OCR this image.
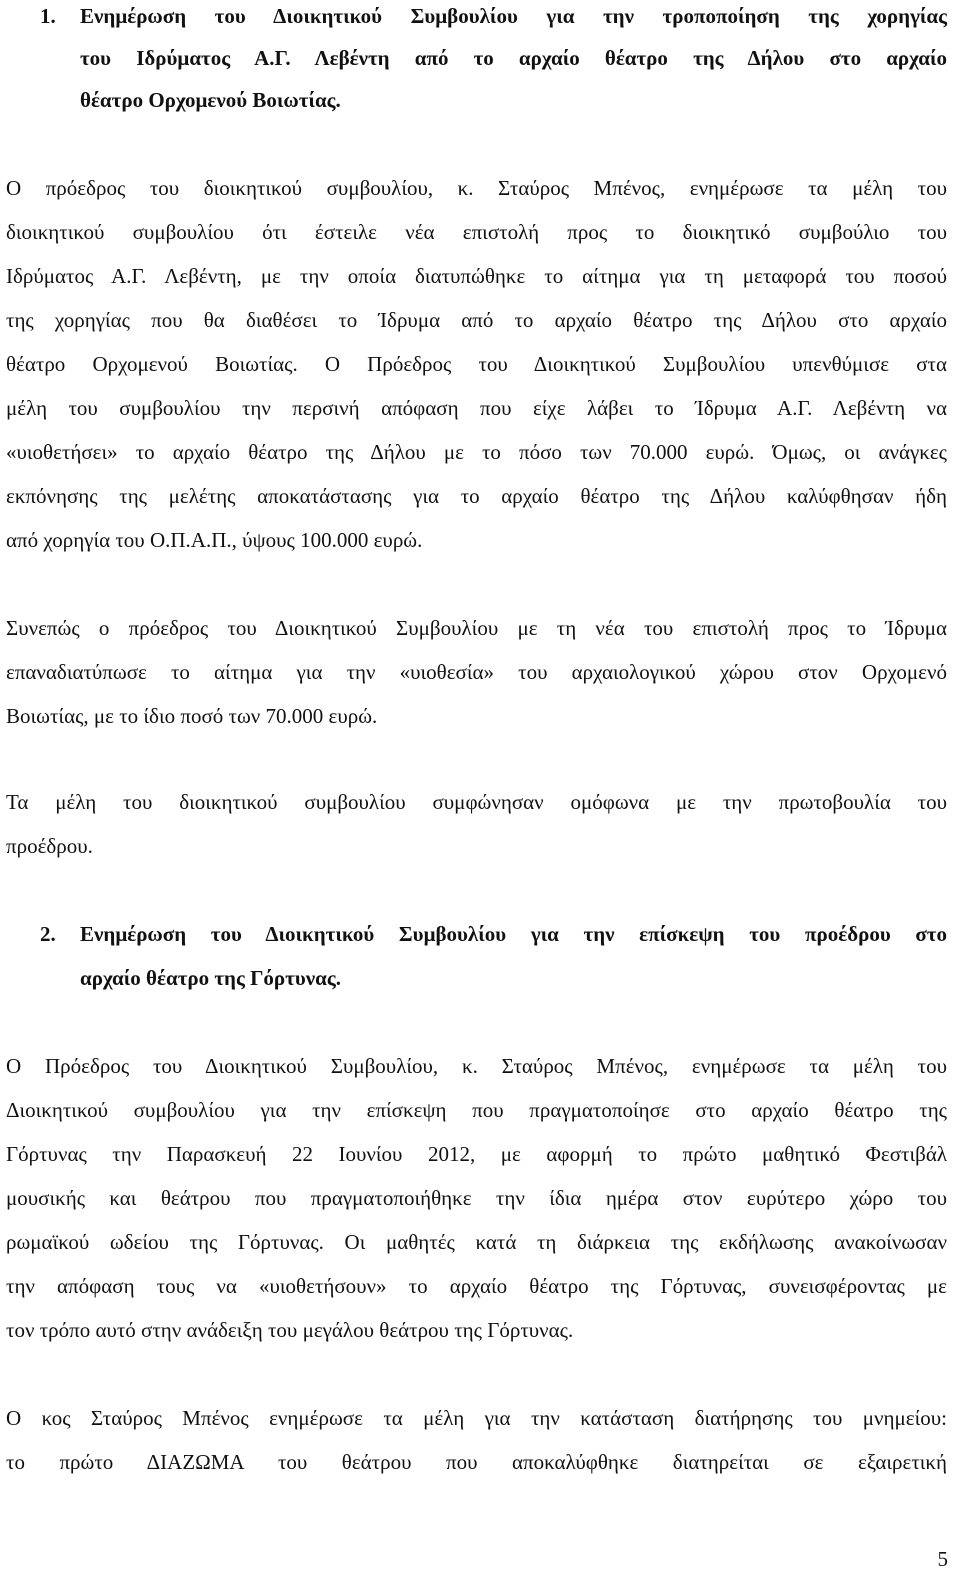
1. Ενημέρωση του Διοικητικού Συμβουλίου για την τροποποίηση της χορηγίας
του Ιδρύματος Α.Γ. Λεβέντη από το αρχαίο θέατρο της Δήλου στο αρχαίο
θέατρο Ορχομενού Βοιωτίας.
Ο πρόεδρος του διοικητικού συμβουλίου, κ. Σταύρος Μπένος, ενημέρωσε τα μέλη του
διοικητικού συμβουλίου ότι έστειλε νέα επιστολή προς το διοικητικό συμβούλιο του
Ιδρύματος Α.Γ. Λεβέντη, με την οποία διατυπώθηκε το αίτημα για τη μεταφορά του ποσού
της χορηγίας που θα διαθέσει το Ίδρυμα από το αρχαίο θέατρο της Δήλου στο αρχαίο
θέατρο Ορχομενού Βοιωτίας. Ο Πρόεδρος του Διοικητικού Συμβουλίου υπενθύμισε στα
μέλη του συμβουλίου την περσινή απόφαση που είχε λάβει το Ίδρυμα Α.Γ. Λεβέντη να
«υιοθετήσει» το αρχαίο θέατρο της Δήλου με το πόσο των 70.000 ευρώ. Όμως, οι ανάγκες
εκπόνησης της μελέτης αποκατάστασης για το αρχαίο θέατρο της Δήλου καλύφθησαν ήδη
από χορηγία του Ο.Π.Α.Π., ύψους 100.000 ευρώ.
Συνεπώς ο πρόεδρος του Διοικητικού Συμβουλίου με τη νέα του επιστολή προς το Ίδρυμα
επαναδιατύπωσε το αίτημα για την «υιοθεσία» του αρχαιολογικού χώρου στον Ορχομενό
Βοιωτίας, με το ίδιο ποσό των 70.000 ευρώ.
Τα μέλη του διοικητικού συμβουλίου συμφώνησαν ομόφωνα με την πρωτοβουλία του
προέδρου.
2. Ενημέρωση του Διοικητικού Συμβουλίου για την επίσκεψη του προέδρου στο
αρχαίο θέατρο της Γόρτυνας.
Ο Πρόεδρος του Διοικητικού Συμβουλίου, κ. Σταύρος Μπένος, ενημέρωσε τα μέλη του
Διοικητικού συμβουλίου για την επίσκεψη που πραγματοποίησε στο αρχαίο θέατρο της
Γόρτυνας την Παρασκευή 22 Ιουνίου 2012, με αφορμή το πρώτο μαθητικό Φεστιβάλ
μουσικής και θεάτρου που πραγματοποιήθηκε την ίδια ημέρα στον ευρύτερο χώρο του
ρωμαϊκού ωδείου της Γόρτυνας. Οι μαθητές κατά τη διάρκεια της εκδήλωσης ανακοίνωσαν
την απόφαση τους να «υιοθετήσουν» το αρχαίο θέατρο της Γόρτυνας, συνεισφέροντας με
τον τρόπο αυτό στην ανάδειξη του μεγάλου θεάτρου της Γόρτυνας.
Ο κος Σταύρος Μπένος ενημέρωσε τα μέλη για την κατάσταση διατήρησης του μνημείου:
το πρώτο ΔΙΑΖΩΜΑ του θεάτρου που αποκαλύφθηκε διατηρείται σε εξαιρετική
5
